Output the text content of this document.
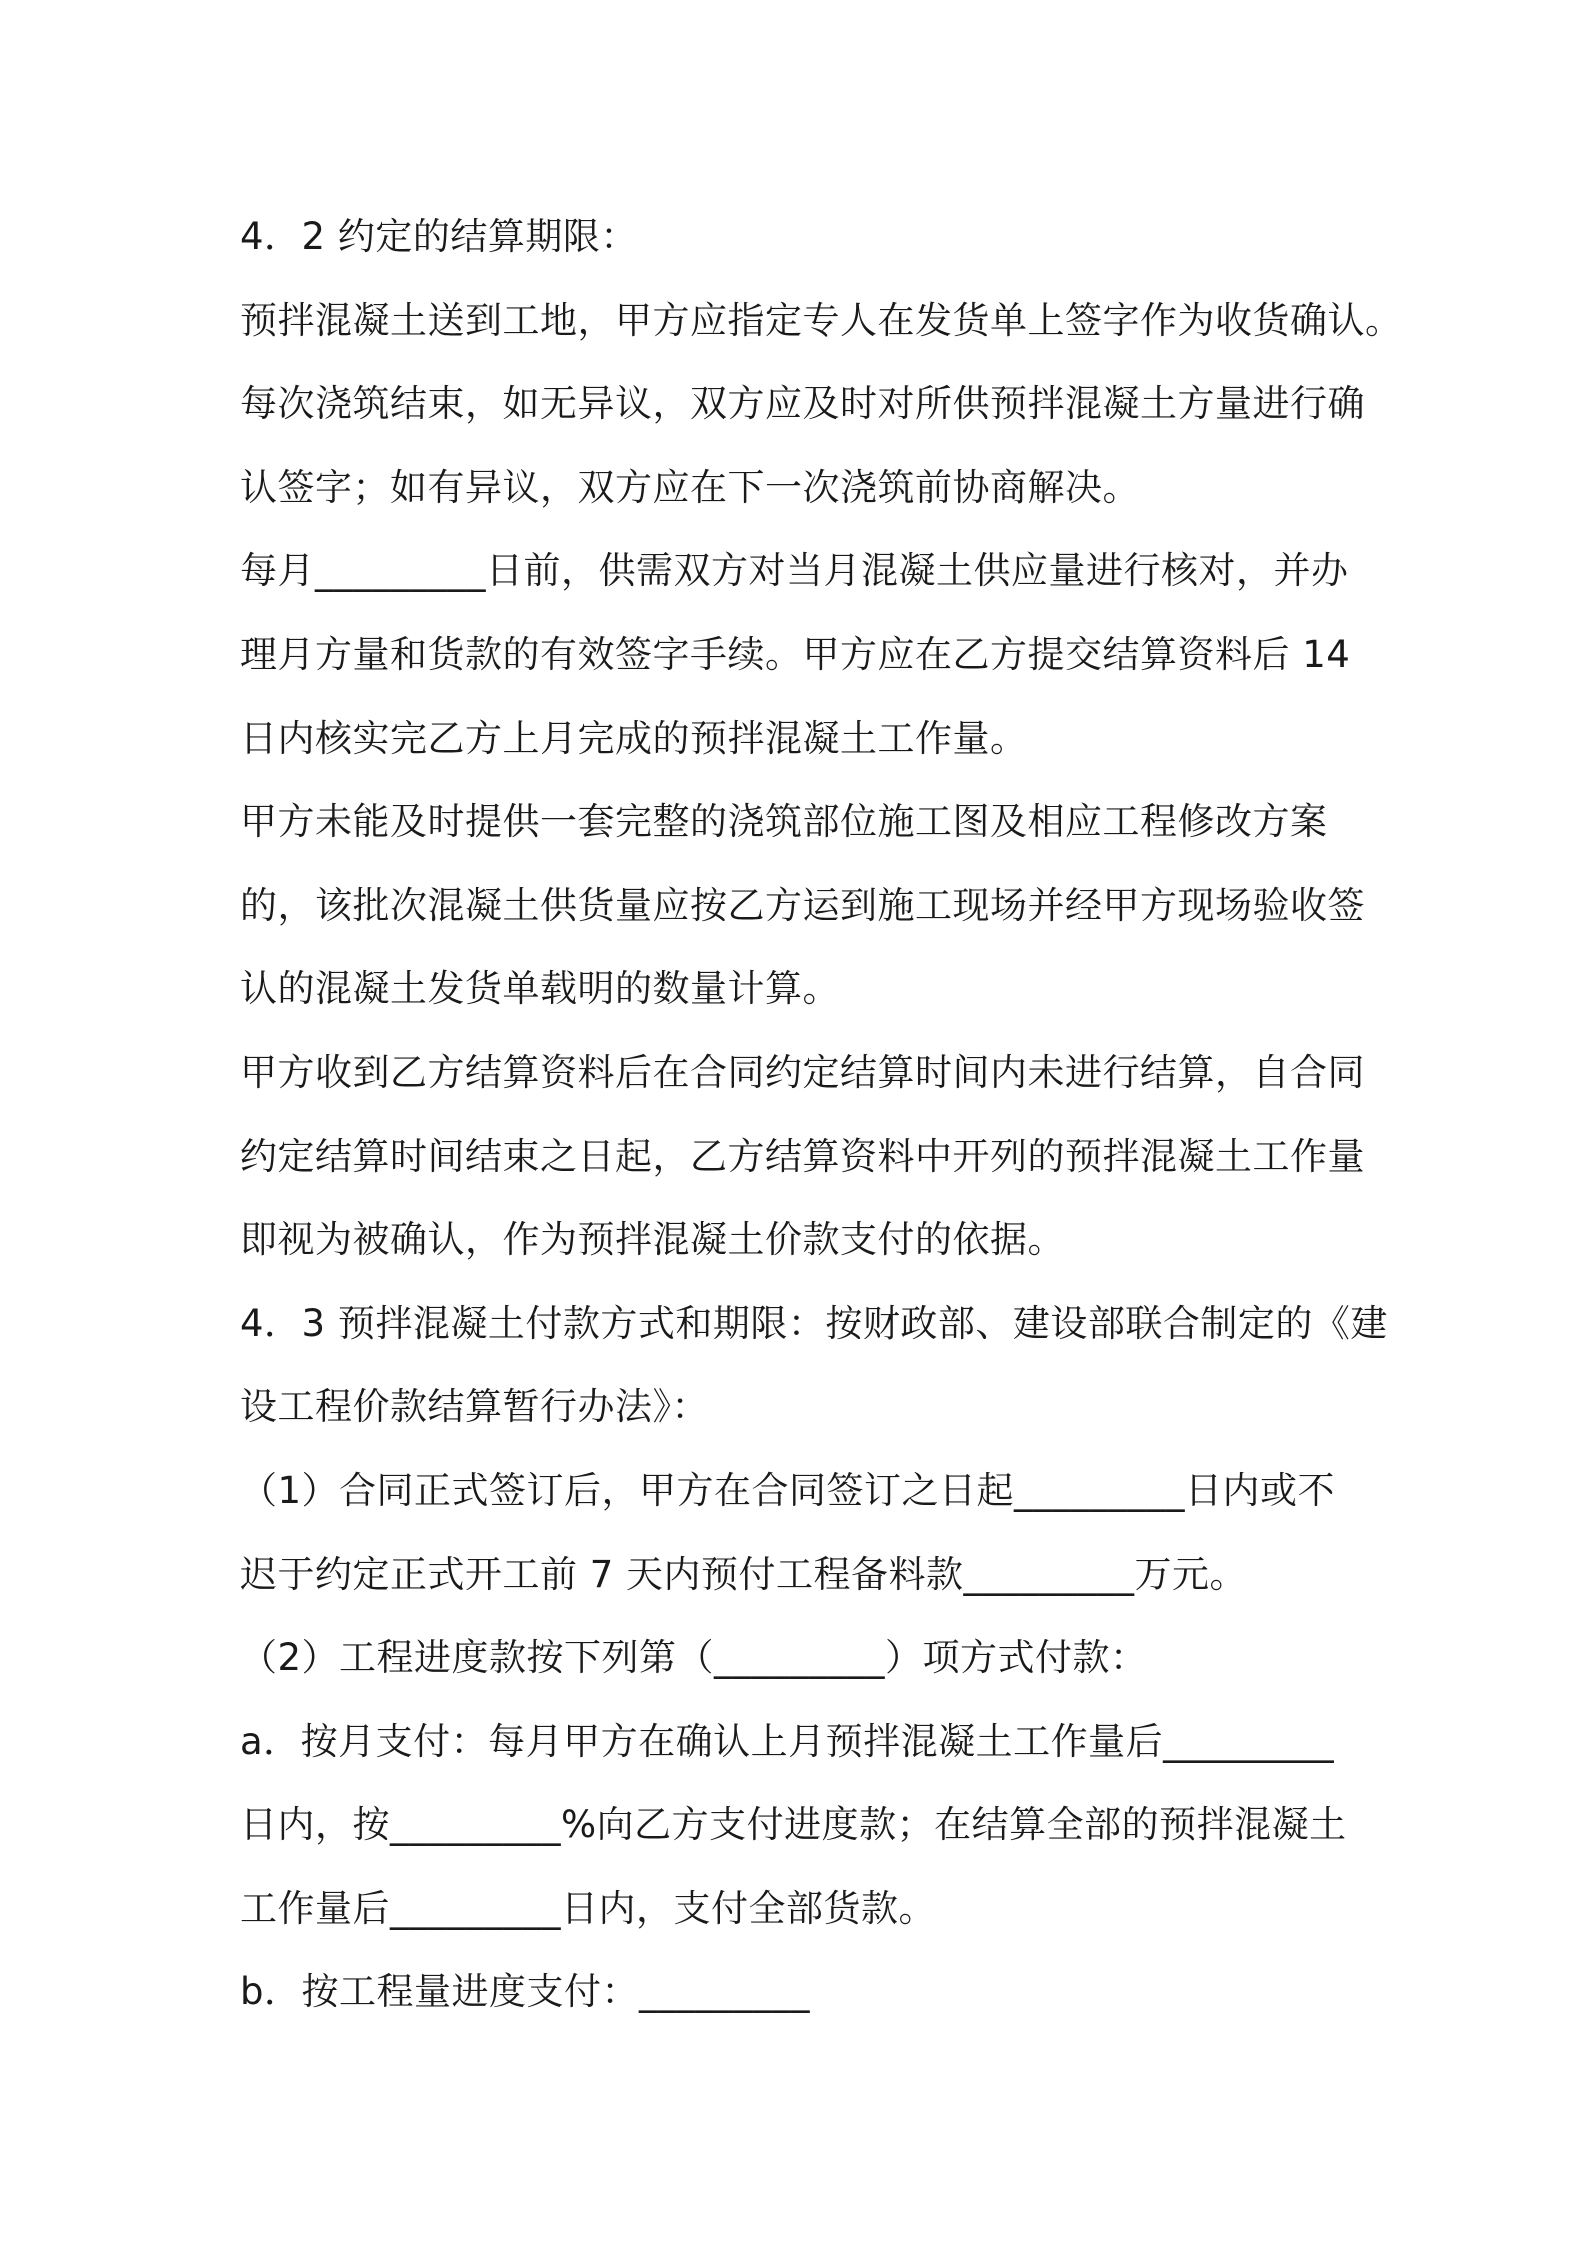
4．2 约定的结算期限：
预拌混凝土送到工地，甲方应指定专人在发货单上签字作为收货确认。
每次浇筑结束，如无异议，双方应及时对所供预拌混凝土方量进行确
认签字；如有异议，双方应在下一次浇筑前协商解决。
每月_________日前，供需双方对当月混凝土供应量进行核对，并办
理月方量和货款的有效签字手续。甲方应在乙方提交结算资料后 14
日内核实完乙方上月完成的预拌混凝土工作量。
甲方未能及时提供一套完整的浇筑部位施工图及相应工程修改方案
的，该批次混凝土供货量应按乙方运到施工现场并经甲方现场验收签
认的混凝土发货单载明的数量计算。
甲方收到乙方结算资料后在合同约定结算时间内未进行结算，自合同
约定结算时间结束之日起，乙方结算资料中开列的预拌混凝土工作量
即视为被确认，作为预拌混凝土价款支付的依据。
4．3 预拌混凝土付款方式和期限：按财政部、建设部联合制定的《建
设工程价款结算暂行办法》：
（1）合同正式签订后，甲方在合同签订之日起_________日内或不
迟于约定正式开工前 7 天内预付工程备料款_________万元。
（2）工程进度款按下列第（_________）项方式付款：
a．按月支付：每月甲方在确认上月预拌混凝土工作量后_________
日内，按_________%向乙方支付进度款；在结算全部的预拌混凝土
工作量后_________日内，支付全部货款。
b．按工程量进度支付：_________
